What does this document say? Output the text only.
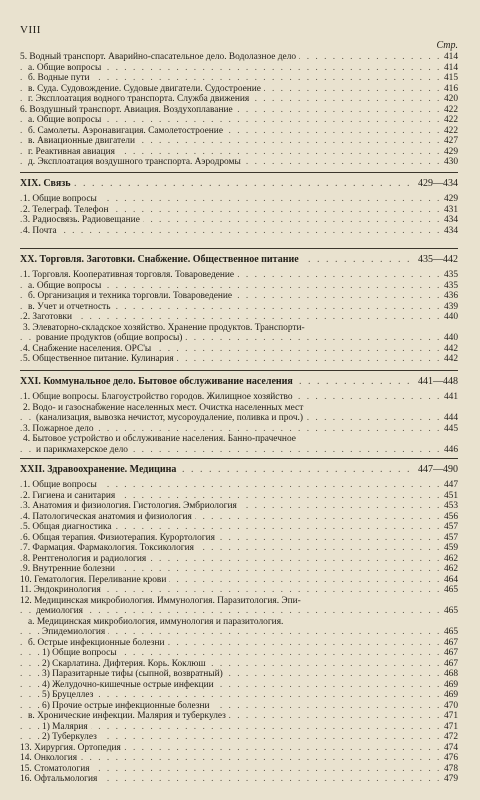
VIII
Стр.
5. Водный транспорт. Аварийно-спасательное дело. Водолазное дело	414
. . .
а. Общие вопросы	414
. . .
б. Водные пути	415
. . .
в. Суда. Судовождение. Судовые двигатели. Судостроение	416
. . .
г. Эксплоатация водного транспорта. Служба движения	420
. . .
6. Воздушный транспорт. Авиация. Воздухоплавание	422
. . .
а. Общие вопросы	422
. . .
б. Самолеты. Аэронавигация. Самолетостроение	422
. . .
в. Авиационные двигатели	427
. . .
г. Реактивная авиация	429
. . .
д. Эксплоатация воздушного транспорта. Аэродромы	430
. . .
XIX. Связь	429—434
. . .
1. Общие вопросы	429
. . .
2. Телеграф. Телефон	431
. . .
3. Радиосвязь. Радиовещание	434
. . .
4. Почта	434
. . .
XX. Торговля. Заготовки. Снабжение. Общественное питание	435—442
. . .
1. Торговля. Кооперативная торговля. Товароведение	435
. . .
а. Общие вопросы	435
. . .
б. Организация и техника торговли. Товароведение	436
. . .
в. Учет и отчетность	439
. . .
2. Заготовки	440
. . .
3. Элеваторно-складское хозяйство. Хранение продуктов. Транспорти-
рование продуктов (общие вопросы)	440
. . .
4. Снабжение населения. ОРС'ы	442
. . .
5. Общественное питание. Кулинария	442
. . .
XXI. Коммунальное дело. Бытовое обслуживание населения	441—448
. . .
1. Общие вопросы. Благоустройство городов. Жилищное хозяйство	441
. . .
2. Водо- и газоснабжение населенных мест. Очистка населенных мест
(канализация, вывозка нечистот, мусороудаление, поливка и проч.)	444
. . .
3. Пожарное дело	445
. . .
4. Бытовое устройство и обслуживание населения. Банно-прачечное
и парикмахерское дело	446
. . .
XXII. Здравоохранение. Медицина	447—490
. . .
1. Общие вопросы	447
. . .
2. Гигиена и санитария	451
. . .
3. Анатомия и физиология. Гистология. Эмбриология	453
. . .
4. Патологическая анатомия и физиология	456
. . .
5. Общая диагностика	457
. . .
6. Общая терапия. Физиотерапия. Курортология	457
. . .
7. Фармация. Фармакология. Токсикология	459
. . .
8. Рентгенология и радиология	462
. . .
9. Внутренние болезни	462
. . .
10. Гематология. Переливание крови	464
. . .
11. Эндокринология	465
. . .
12. Медицинская микробиология. Иммунология. Паразитология. Эпи-
демиология	465
. . .
а. Медицинская микробиология, иммунология и паразитология.
Эпидемиология	465
. . .
б. Острые инфекционные болезни	467
. . .
1) Общие вопросы	467
. . .
2) Скарлатина. Дифтерия. Корь. Коклюш	467
. . .
3) Паразитарные тифы (сыпной, возвратный)	468
. . .
4) Желудочно-кишечные острые инфекции	469
. . .
5) Бруцеллез	469
. . .
6) Прочие острые инфекционные болезни	470
. . .
в. Хронические инфекции. Малярия и туберкулез	471
. . .
1) Малярия	471
. . .
2) Туберкулез	472
. . .
13. Хирургия. Ортопедия	474
. . .
14. Онкология	476
. . .
15. Стоматология	478
. . .
16. Офтальмология	479
. . .
